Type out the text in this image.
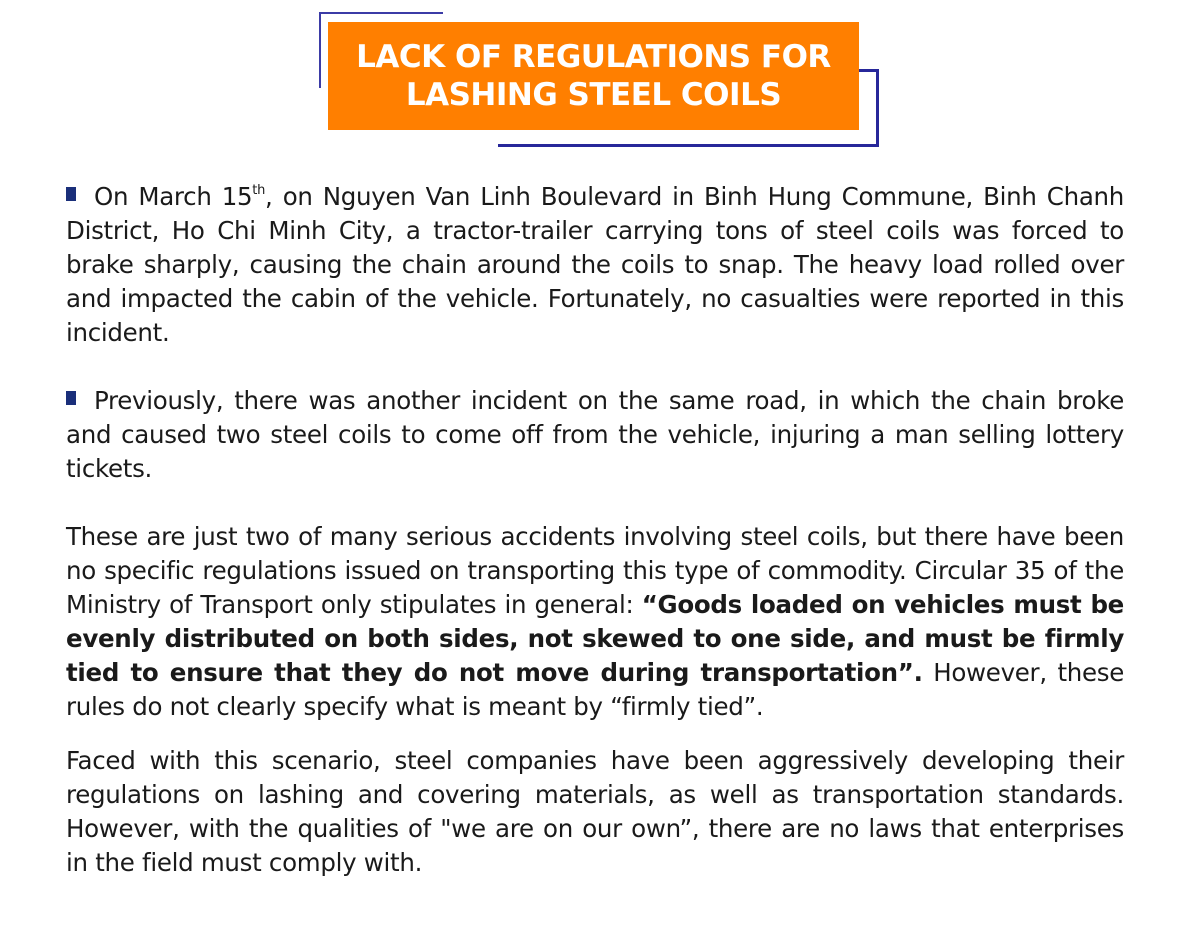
LACK OF REGULATIONS FOR
LASHING STEEL COILS

On March 15th, on Nguyen Van Linh Boulevard in Binh Hung Commune, Binh Chanh District, Ho Chi Minh City, a tractor-trailer carrying tons of steel coils was forced to brake sharply, causing the chain around the coils to snap. The heavy load rolled over and impacted the cabin of the vehicle. Fortunately, no casualties were reported in this incident.

Previously, there was another incident on the same road, in which the chain broke and caused two steel coils to come off from the vehicle, injuring a man selling lottery tickets.

These are just two of many serious accidents involving steel coils, but there have been no specific regulations issued on transporting this type of commodity. Circular 35 of the Ministry of Transport only stipulates in general: “Goods loaded on vehicles must be evenly distributed on both sides, not skewed to one side, and must be firmly tied to ensure that they do not move during transportation”. However, these rules do not clearly specify what is meant by “firmly tied”.

Faced with this scenario, steel companies have been aggressively developing their regulations on lashing and covering materials, as well as transportation standards. However, with the qualities of "we are on our own”, there are no laws that enterprises in the field must comply with.
